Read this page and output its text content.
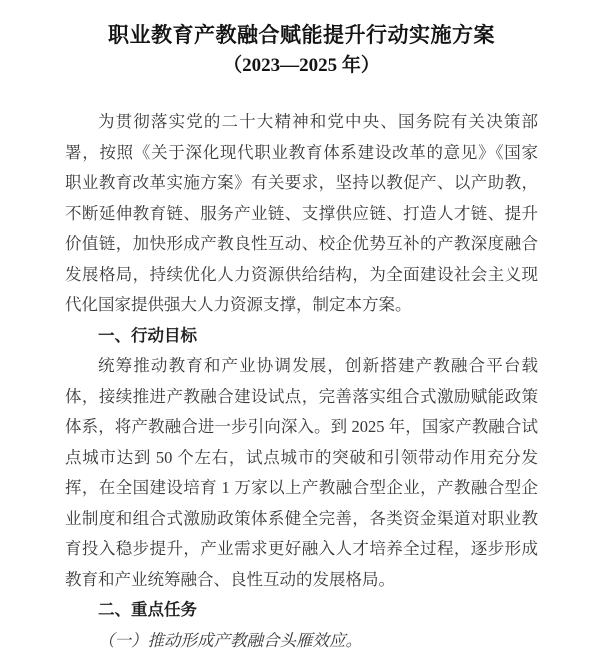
职业教育产教融合赋能提升行动实施方案
（2023—2025 年）

为贯彻落实党的二十大精神和党中央、国务院有关决策部

署，按照《关于深化现代职业教育体系建设改革的意见》《国家

职业教育改革实施方案》有关要求，坚持以教促产、以产助教，

不断延伸教育链、服务产业链、支撑供应链、打造人才链、提升

价值链，加快形成产教良性互动、校企优势互补的产教深度融合

发展格局，持续优化人力资源供给结构，为全面建设社会主义现

代化国家提供强大人力资源支撑，制定本方案。

一、行动目标

统筹推动教育和产业协调发展，创新搭建产教融合平台载

体，接续推进产教融合建设试点，完善落实组合式激励赋能政策

体系，将产教融合进一步引向深入。到 2025 年，国家产教融合试

点城市达到 50 个左右，试点城市的突破和引领带动作用充分发

挥，在全国建设培育 1 万家以上产教融合型企业，产教融合型企

业制度和组合式激励政策体系健全完善，各类资金渠道对职业教

育投入稳步提升，产业需求更好融入人才培养全过程，逐步形成

教育和产业统筹融合、良性互动的发展格局。

二、重点任务

（一）推动形成产教融合头雁效应。
